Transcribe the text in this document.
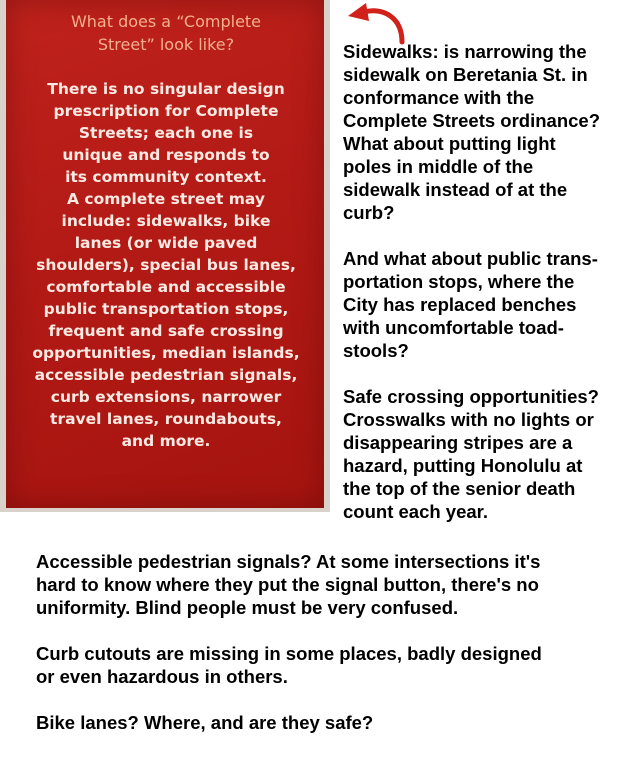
What does a “Complete
Street” look like?

There is no singular design
prescription for Complete
Streets; each one is
unique and responds to
its community context.
A complete street may
include: sidewalks, bike
lanes (or wide paved
shoulders), special bus lanes,
comfortable and accessible
public transportation stops,
frequent and safe crossing
opportunities, median islands,
accessible pedestrian signals,
curb extensions, narrower
travel lanes, roundabouts,
and more.

Sidewalks: is narrowing the
sidewalk on Beretania St. in
conformance with the
Complete Streets ordinance?
What about putting light
poles in middle of the
sidewalk instead of at the
curb?

And what about public trans-
portation stops, where the
City has replaced benches
with uncomfortable toad-
stools?

Safe crossing opportunities?
Crosswalks with no lights or
disappearing stripes are a
hazard, putting Honolulu at
the top of the senior death
count each year.

Accessible pedestrian signals? At some intersections it's
hard to know where they put the signal button, there's no
uniformity. Blind people must be very confused.

Curb cutouts are missing in some places, badly designed
or even hazardous in others.

Bike lanes? Where, and are they safe?
